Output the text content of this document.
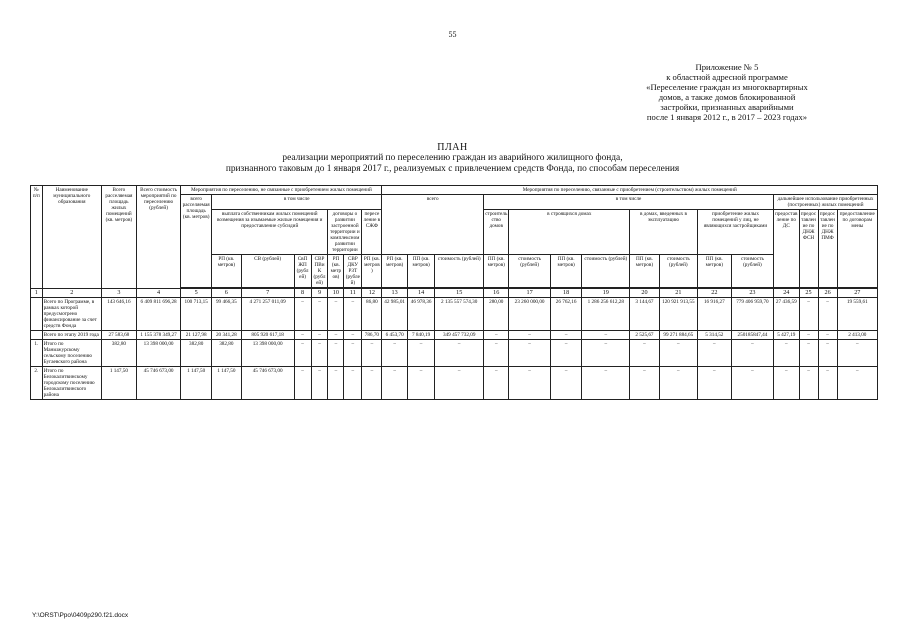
55
Приложение № 5
к областной адресной программе
«Переселение граждан из многоквартирных
домов, а также домов блокированной
застройки, признанных аварийными
после 1 января 2012 г., в 2017 – 2023 годах»
ПЛАН
реализации мероприятий по переселению граждан из аварийного жилищного фонда,
признанного таковым до 1 января 2017 г., реализуемых с привлечением средств Фонда, по способам переселения
№ п/п	Наименование муниципального образования	Всего расселяемая площадь жилых помещений (кв. метров)	Всего стоимость мероприятий по переселению (рублей)	Мероприятия по переселению, не связанные с приобретением жилых помещений								Мероприятия по переселению, связанные с приобретением (строительством) жилых помещений														
				всего расселяемая площадь (кв. метров)	в том числе							всего			в том числе								дальнейшее использование приобретенных (построенных) жилых помещений			
					выплата собственникам жилых помещений возмещения за изымаемые жилые помещения и предоставление субсидий				договоры о развитии застроенной территории и комплексном развитии территории		переселение в СЖФ				строительство домов	в строящихся домах			в домах, введенных в эксплуатацию		приобретение жилых помещений у лиц, не являющихся застройщиками		предоставление по ДС	предоставление по ДНЖ ФСН	предоставление по ДНЖ ПМФ	предоставление по договорам мены
					РП (кв. метров)	СВ (рублей)	СвП ЖП (рублей)	СВР ПВи К (рублей)	РП (кв. метров)	СВР ДКУ РЗТ (рублей)	РП (кв. метров)	РП (кв. метров)	ПП (кв. метров)	стоимость (рублей)	ПП (кв. метров)	стоимость (рублей)	ПП (кв. метров)	стоимость (рублей)	ПП (кв. метров)	стоимость (рублей)	ПП (кв. метров)	стоимость (рублей)				

1	2	3	4	5	6	7	8	9	10	11	12	13	14	15	16	17	18	19	20	21	22	23	24	25	26	27
	Всего по Программе, в рамках которой предусмотрено финансирование за счет средств Фонда	143 646,16	6 409 811 696,28	100 713,15	99 466,35	4 271 257 011,09	–	–	–	–	86,80	42 985,01	46 978,36	2 135 557 574,30	280,00	23 260 000,00	26 762,16	1 286 256 612,28	3 144,67	120 921 913,55	16 916,27	779 406 959,70	27 436,59	–	–	19 559,61
	Всего по этапу 2019 года	27 583,68	1 155 378 349,27	21 127,98	20 341,28	805 920 617,18	–	–	–	–	786,70	6 453,70	7 840,19	349 457 732,09	–	–	–	–	2 525,67	99 271 884,65	5 314,52	250185847,44	5 427,19	–	–	2 413,00
1.	Итого по Маньчжурскому сельскому поселению Бугаевского района	382,80	13 398 000,00	382,80	382,80	13 398 000,00	–	–	–	–	–	–	–	–	–	–	–	–	–	–	–	–	–	–	–	–
2.	Итого по Белокалитвинскому городскому поселению Белокалитвинского района	1 147,50	45 746 673,00	1 147,50	1 147,50	45 746 673,00	–	–	–	–	–	–	–	–	–	–	–	–	–	–	–	–	–	–	–	–
Y:\ORST\Ppo\0409p290.f21.docx
